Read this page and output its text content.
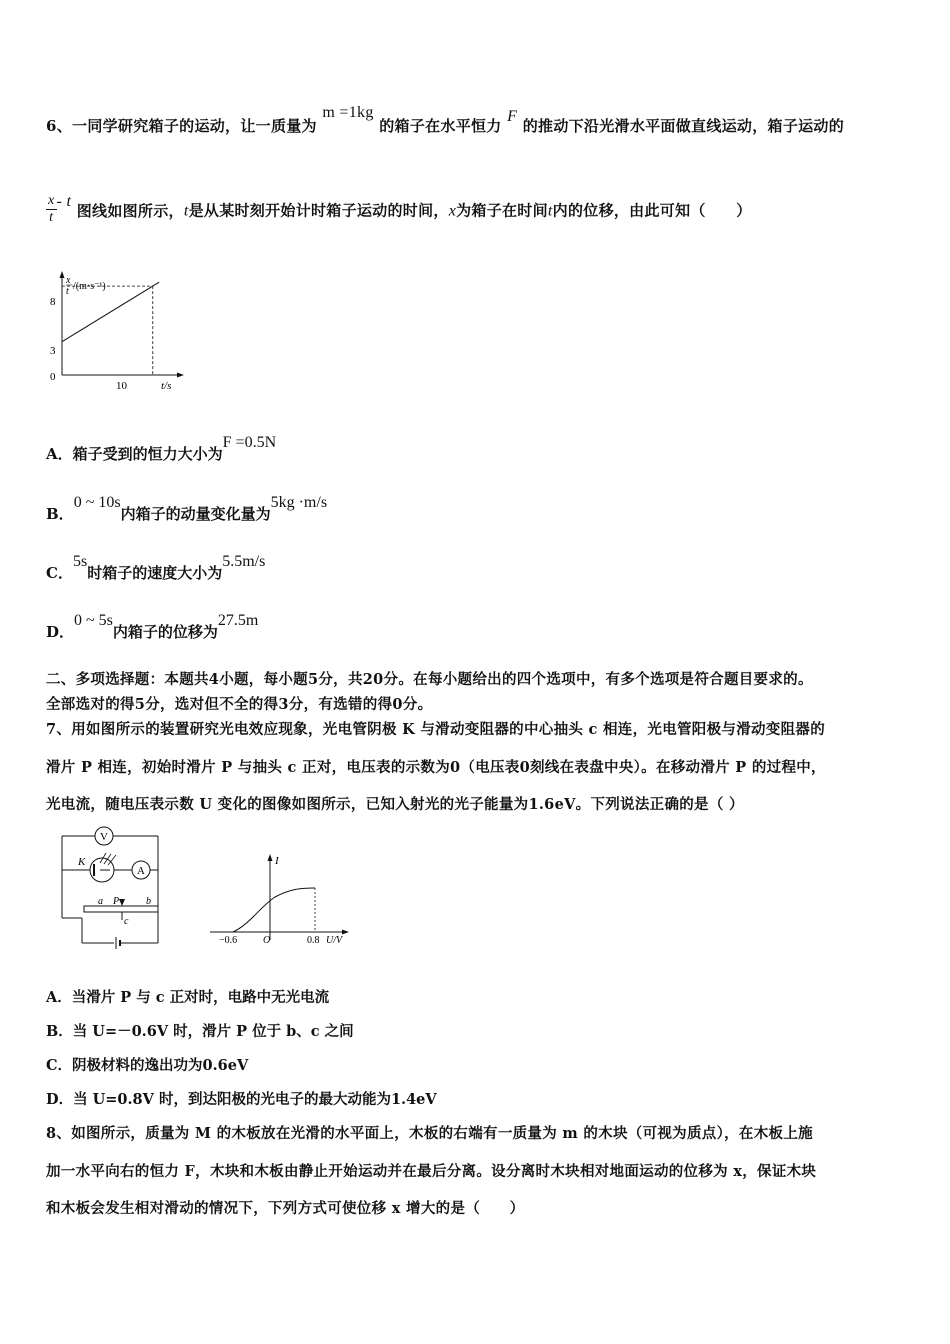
6、一同学研究箱子的运动，让一质量为 m =1kg 的箱子在水平恒力 F 的推动下沿光滑水平面做直线运动，箱子运动的
$\frac{x}{t}$ - t 图线如图所示，t是从某时刻开始计时箱子运动的时间，x为箱子在时间t内的位移，由此可知（　　）
x
t /(m·s⁻¹)
8
3
0
10	t/s
A．箱子受到的恒力大小为F =0.5N
B．0 ~ 10s内箱子的动量变化量为5kg ·m/s
C．5s时箱子的速度大小为5.5m/s
D．0 ~ 5s内箱子的位移为27.5m
二、多项选择题：本题共4小题，每小题5分，共20分。在每小题给出的四个选项中，有多个选项是符合题目要求的。
全部选对的得5分，选对但不全的得3分，有选错的得0分。
7、用如图所示的装置研究光电效应现象，光电管阴极 K 与滑动变阻器的中心抽头 c 相连，光电管阳极与滑动变阻器的
滑片 P 相连，初始时滑片 P 与抽头 c 正对，电压表的示数为0（电压表0刻线在表盘中央）。在移动滑片 P 的过程中，
光电流，随电压表示数 U 变化的图像如图所示，已知入射光的光子能量为1.6eV。下列说法正确的是（ ）
V
K
A
a P	b
c
I
−0.6	O	0.8 U/V
A．当滑片 P 与 c 正对时，电路中无光电流
B．当 U=－0.6V 时，滑片 P 位于 b、c 之间
C．阴极材料的逸出功为0.6eV
D．当 U=0.8V 时，到达阳极的光电子的最大动能为1.4eV
8、如图所示，质量为 M 的木板放在光滑的水平面上，木板的右端有一质量为 m 的木块（可视为质点），在木板上施
加一水平向右的恒力 F，木块和木板由静止开始运动并在最后分离。设分离时木块相对地面运动的位移为 x，保证木块
和木板会发生相对滑动的情况下，下列方式可使位移 x 增大的是（　　）
